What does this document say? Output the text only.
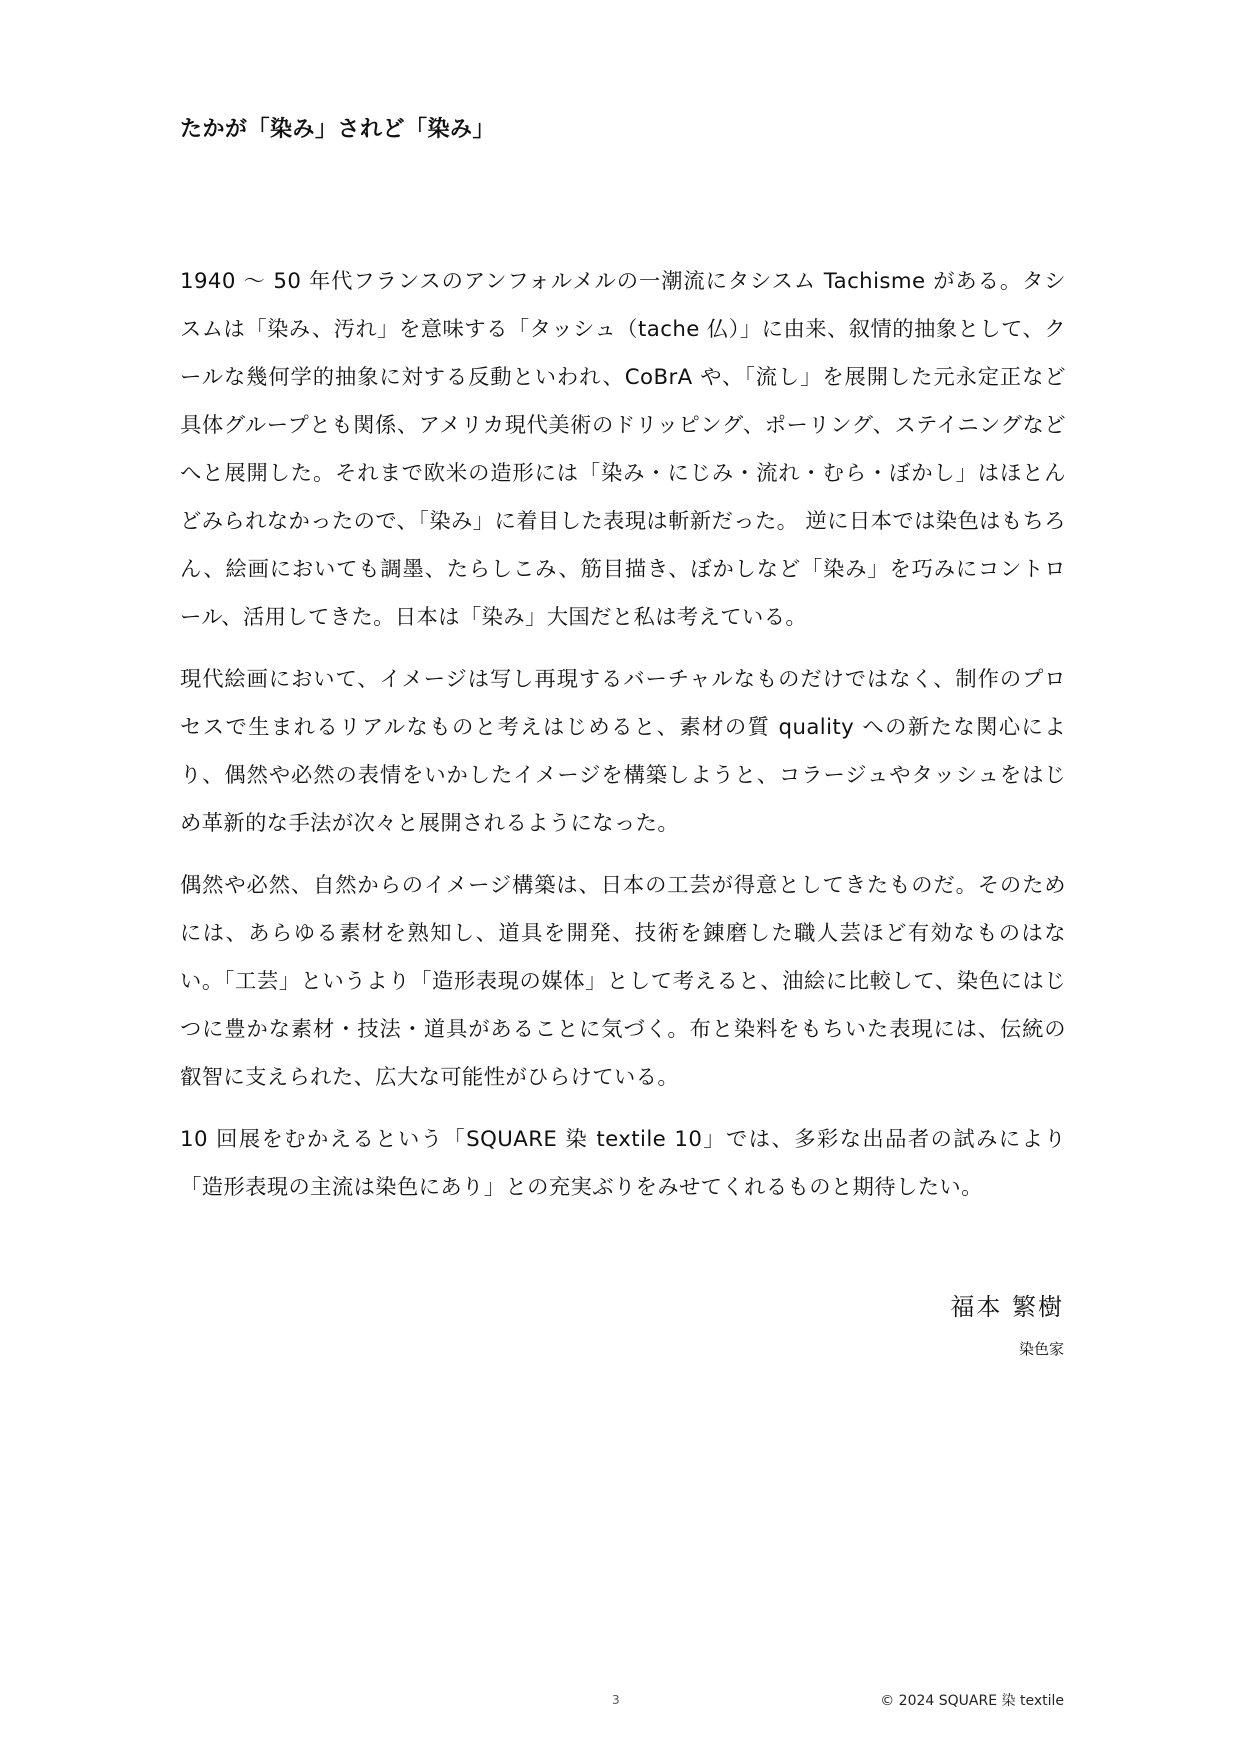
たかが「染み」されど「染み」

1940 〜 50 年代フランスのアンフォルメルの一潮流にタシスム Tachisme がある。タシスムは「染み、汚れ」を意味する「タッシュ（tache 仏）」に由来、叙情的抽象として、クールな幾何学的抽象に対する反動といわれ、CoBrA や、「流し」を展開した元永定正など具体グループとも関係、アメリカ現代美術のドリッピング、ポーリング、ステイニングなどへと展開した。それまで欧米の造形には「染み・にじみ・流れ・むら・ぼかし」はほとんどみられなかったので、「染み」に着目した表現は斬新だった。 逆に日本では染色はもちろん、絵画においても調墨、たらしこみ、筋目描き、ぼかしなど「染み」を巧みにコントロール、活用してきた。日本は「染み」大国だと私は考えている。

現代絵画において、イメージは写し再現するバーチャルなものだけではなく、制作のプロセスで生まれるリアルなものと考えはじめると、素材の質 quality への新たな関心により、偶然や必然の表情をいかしたイメージを構築しようと、コラージュやタッシュをはじめ革新的な手法が次々と展開されるようになった。

偶然や必然、自然からのイメージ構築は、日本の工芸が得意としてきたものだ。そのためには、あらゆる素材を熟知し、道具を開発、技術を錬磨した職人芸ほど有効なものはない。「工芸」というより「造形表現の媒体」として考えると、油絵に比較して、染色にはじつに豊かな素材・技法・道具があることに気づく。布と染料をもちいた表現には、伝統の叡智に支えられた、広大な可能性がひらけている。

10 回展をむかえるという「SQUARE 染 textile 10」では、多彩な出品者の試みにより「造形表現の主流は染色にあり」との充実ぶりをみせてくれるものと期待したい。

福本 繁樹

染色家

3	© 2024 SQUARE 染 textile
